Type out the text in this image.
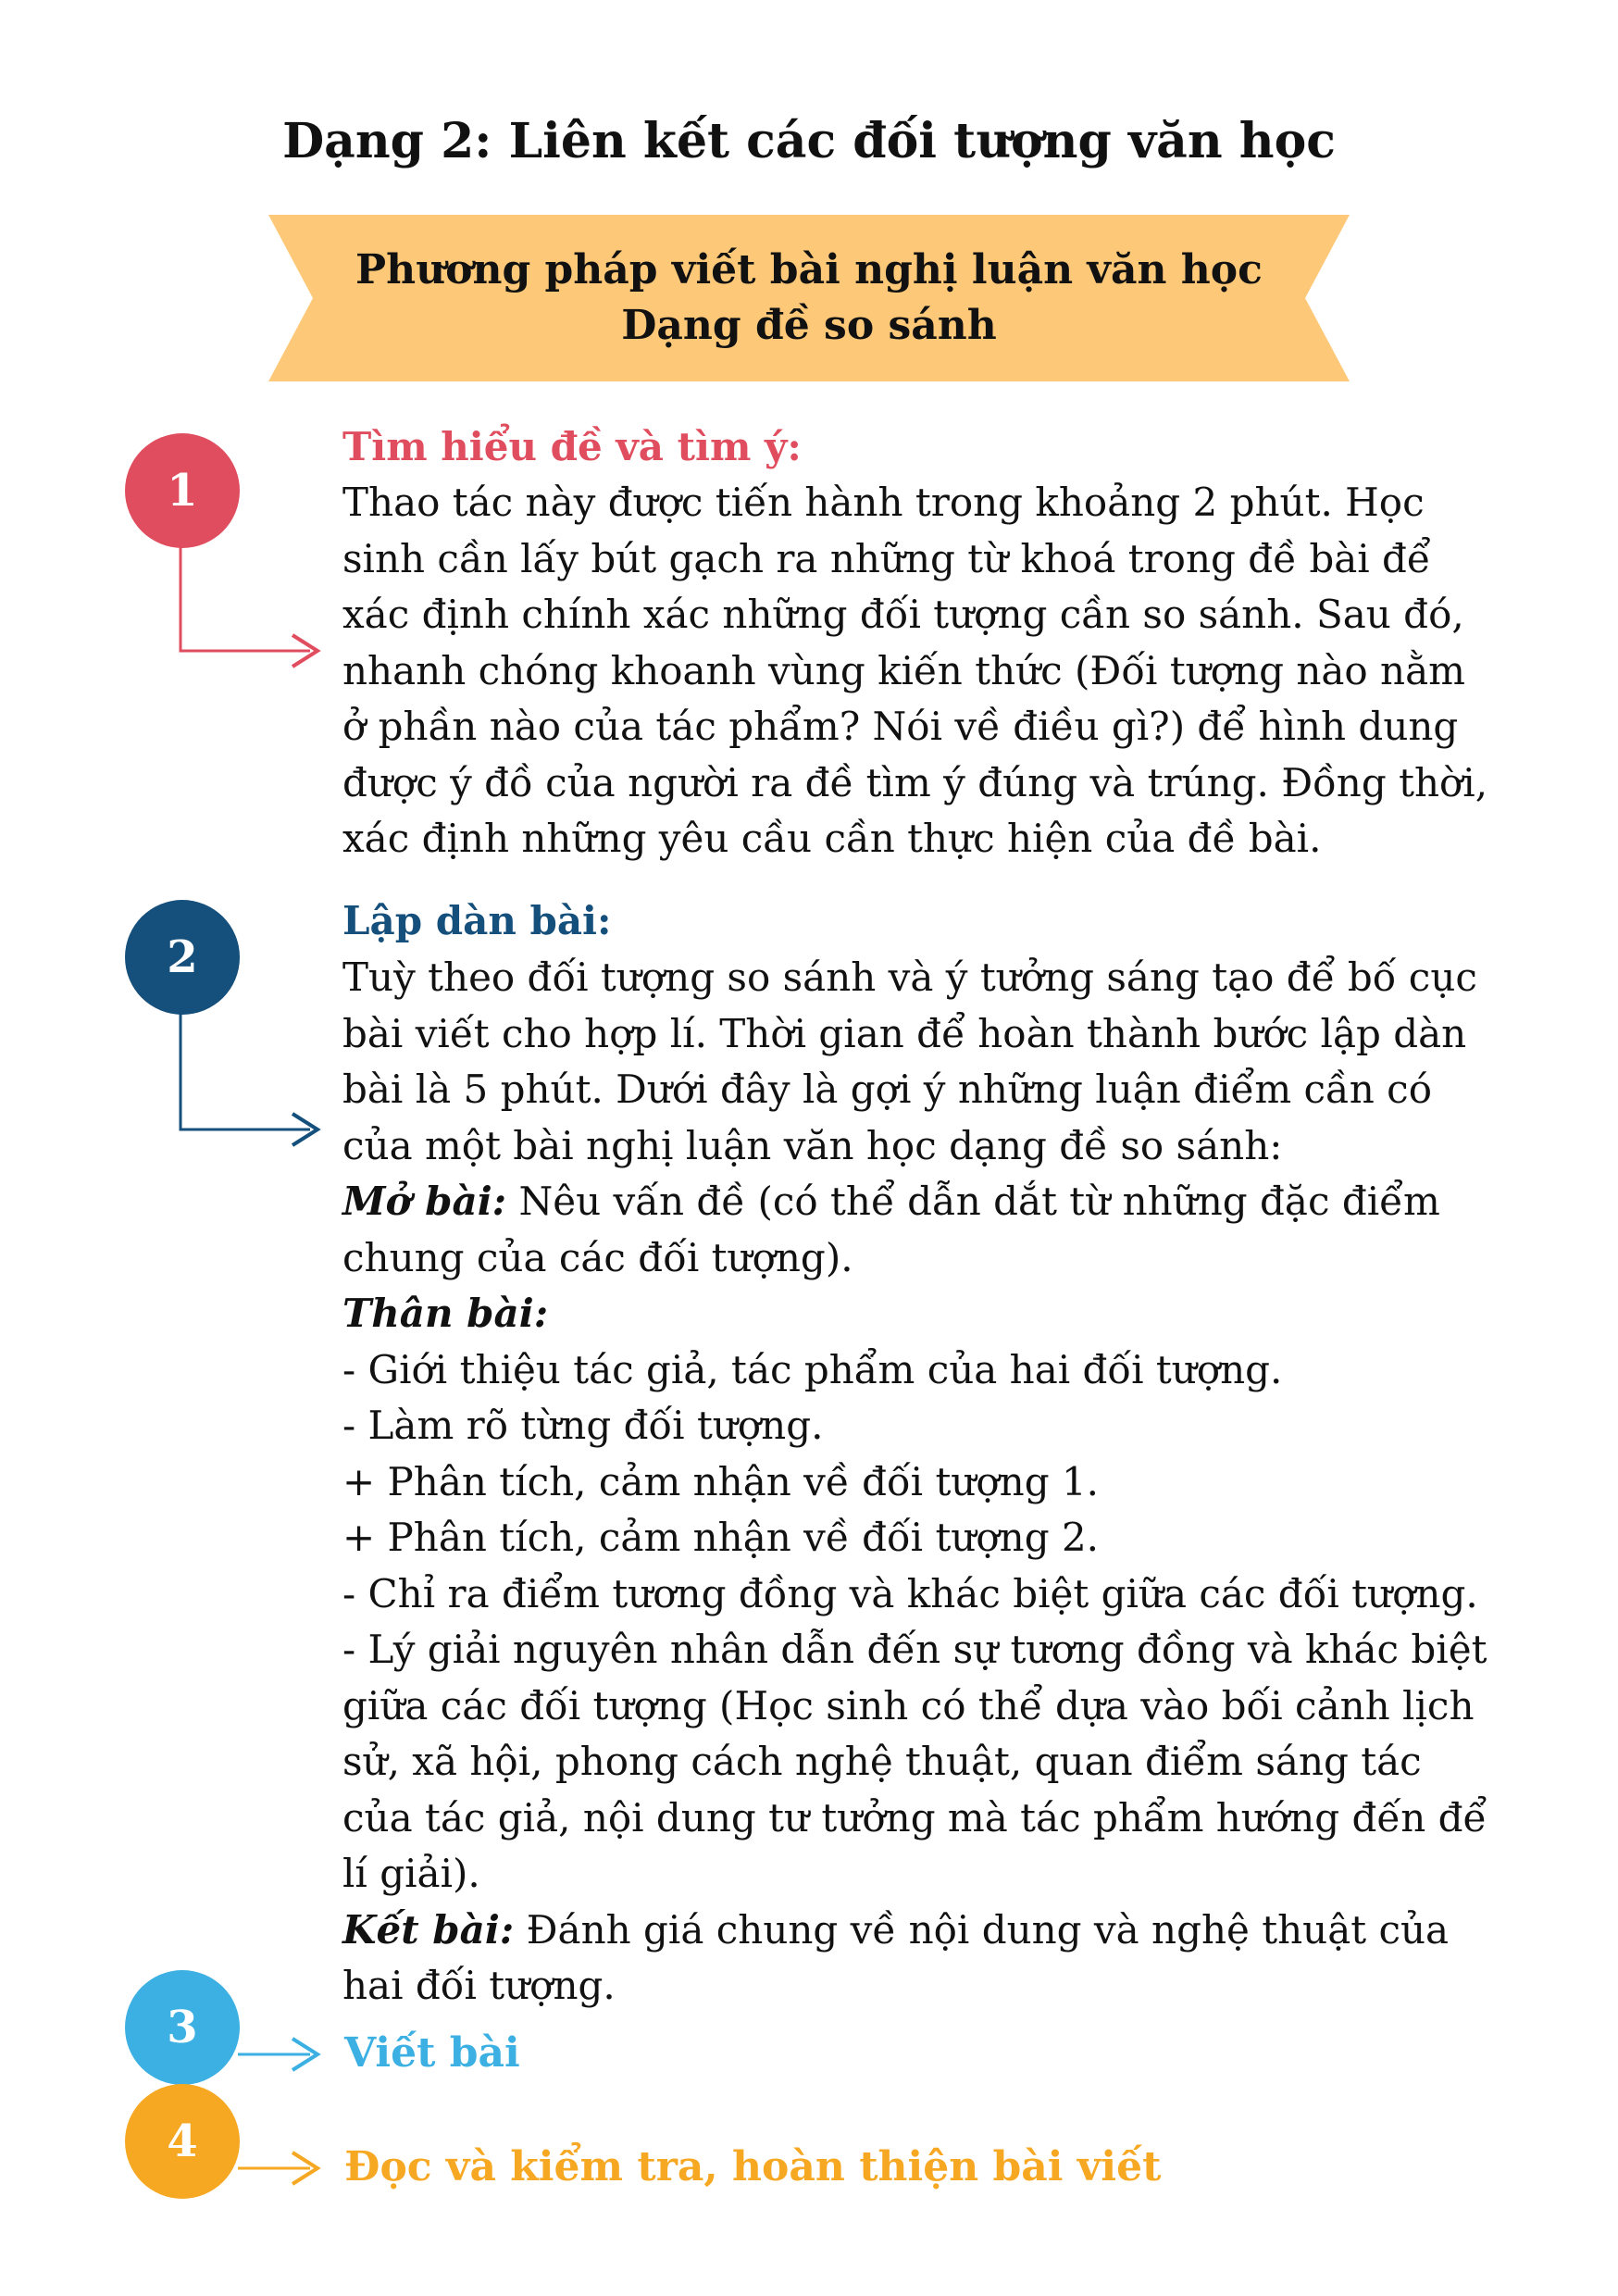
Dạng 2: Liên kết các đối tượng văn học
Phương pháp viết bài nghị luận văn học
Dạng đề so sánh
1
Tìm hiểu đề và tìm ý:

Thao tác này được tiến hành trong khoảng 2 phút. Học sinh cần lấy bút gạch ra những từ khoá trong đề bài để xác định chính xác những đối tượng cần so sánh. Sau đó, nhanh chóng khoanh vùng kiến thức (Đối tượng nào nằm ở phần nào của tác phẩm? Nói về điều gì?) để hình dung được ý đồ của người ra đề tìm ý đúng và trúng. Đồng thời, xác định những yêu cầu cần thực hiện của đề bài.

2
Lập dàn bài:

Tuỳ theo đối tượng so sánh và ý tưởng sáng tạo để bố cục bài viết cho hợp lí. Thời gian để hoàn thành bước lập dàn bài là 5 phút. Dưới đây là gợi ý những luận điểm cần có của một bài nghị luận văn học dạng đề so sánh:

Mở bài: Nêu vấn đề (có thể dẫn dắt từ những đặc điểm chung của các đối tượng).

Thân bài:

- Giới thiệu tác giả, tác phẩm của hai đối tượng.

- Làm rõ từng đối tượng.

+ Phân tích, cảm nhận về đối tượng 1.

+ Phân tích, cảm nhận về đối tượng 2.

- Chỉ ra điểm tương đồng và khác biệt giữa các đối tượng.

- Lý giải nguyên nhân dẫn đến sự tương đồng và khác biệt giữa các đối tượng (Học sinh có thể dựa vào bối cảnh lịch sử, xã hội, phong cách nghệ thuật, quan điểm sáng tác của tác giả, nội dung tư tưởng mà tác phẩm hướng đến để lí giải).

Kết bài: Đánh giá chung về nội dung và nghệ thuật của hai đối tượng.

3	Viết bài
4	Đọc và kiểm tra, hoàn thiện bài viết
